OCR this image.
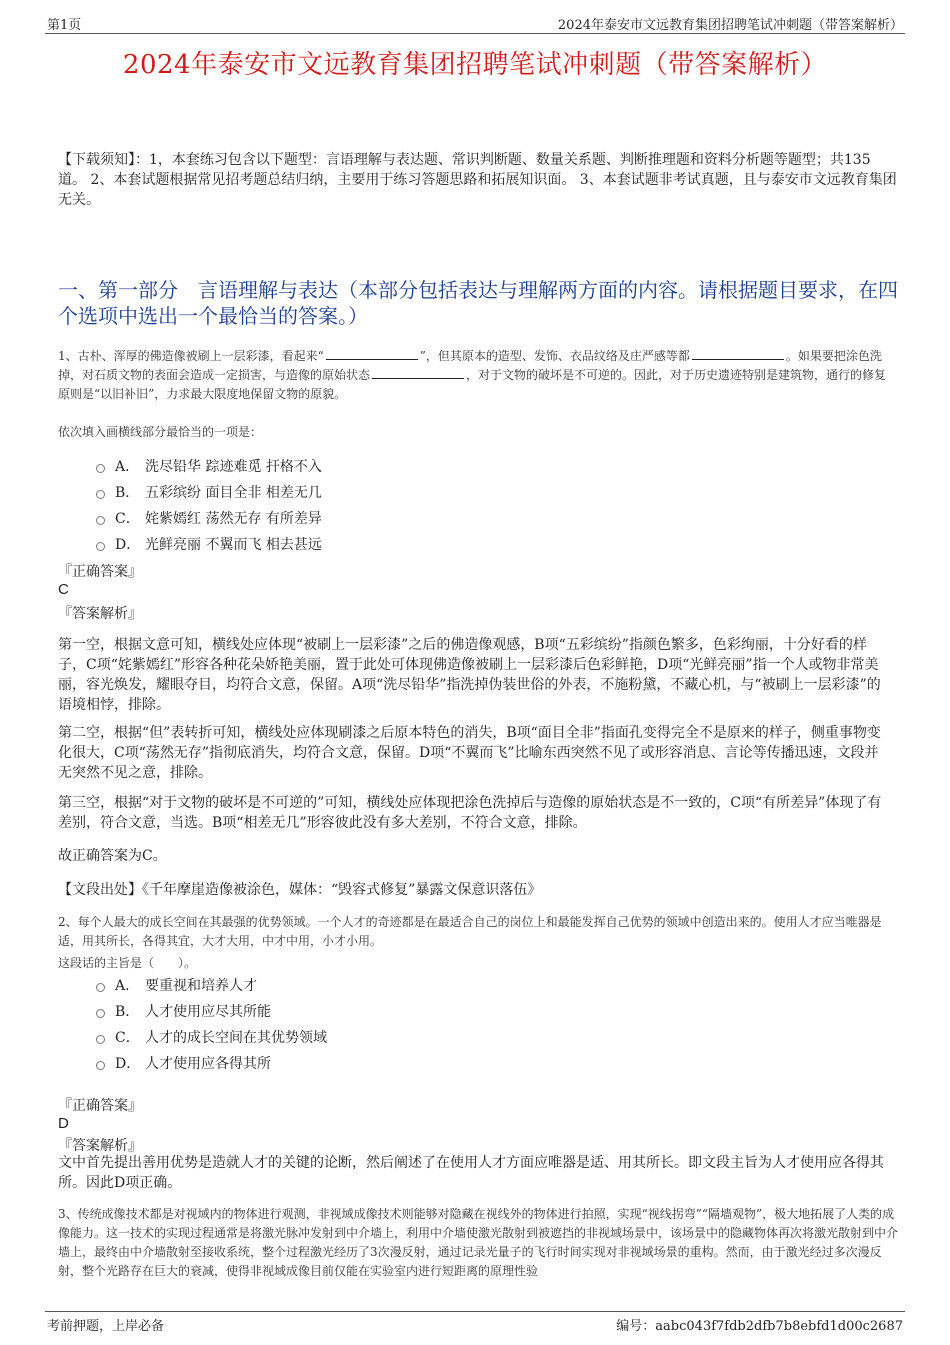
第1页	2024年泰安市文远教育集团招聘笔试冲刺题（带答案解析）
2024年泰安市文远教育集团招聘笔试冲刺题（带答案解析）
【下载须知】：1，本套练习包含以下题型：言语理解与表达题、常识判断题、数量关系题、判断推理题和资料分析题等题型；共135道。 2、本套试题根据常见招考题总结归纳，主要用于练习答题思路和拓展知识面。 3、本套试题非考试真题，且与泰安市文远教育集团无关。
一、第一部分　言语理解与表达（本部分包括表达与理解两方面的内容。请根据题目要求，在四个选项中选出一个最恰当的答案。）
1、古朴、浑厚的佛造像被刷上一层彩漆，看起来“	”，但其原本的造型、发饰、衣品纹络及庄严感等都	。如果要把涂色洗掉，对石质文物的表面会造成一定损害，与造像的原始状态	，对于文物的破坏是不可逆的。因此，对于历史遗迹特别是建筑物，通行的修复原则是“以旧补旧”，力求最大限度地保留文物的原貌。
依次填入画横线部分最恰当的一项是：
A． 洗尽铅华 踪迹难觅 扞格不入
B． 五彩缤纷 面目全非 相差无几
C． 姹紫嫣红 荡然无存 有所差异
D． 光鲜亮丽 不翼而飞 相去甚远
『正确答案』
C
『答案解析』
第一空，根据文意可知，横线处应体现“被刷上一层彩漆”之后的佛造像观感，B项“五彩缤纷”指颜色繁多，色彩绚丽，十分好看的样子，C项“姹紫嫣红”形容各种花朵娇艳美丽，置于此处可体现佛造像被刷上一层彩漆后色彩鲜艳，D项“光鲜亮丽”指一个人或物非常美丽，容光焕发，耀眼夺目，均符合文意，保留。A项“洗尽铅华”指洗掉伪装世俗的外表，不施粉黛，不藏心机，与“被刷上一层彩漆”的语境相悖，排除。
第二空，根据“但”表转折可知，横线处应体现刷漆之后原本特色的消失，B项“面目全非”指面孔变得完全不是原来的样子，侧重事物变化很大，C项“荡然无存”指彻底消失，均符合文意，保留。D项“不翼而飞”比喻东西突然不见了或形容消息、言论等传播迅速，文段并无突然不见之意，排除。
第三空，根据“对于文物的破坏是不可逆的”可知，横线处应体现把涂色洗掉后与造像的原始状态是不一致的，C项“有所差异”体现了有差别，符合文意，当选。B项“相差无几”形容彼此没有多大差别，不符合文意，排除。
故正确答案为C。
【文段出处】《千年摩崖造像被涂色，媒体：“毁容式修复”暴露文保意识落伍》
2、每个人最大的成长空间在其最强的优势领域。一个人才的奇迹都是在最适合自己的岗位上和最能发挥自己优势的领域中创造出来的。使用人才应当唯器是适，用其所长，各得其宜，大才大用，中才中用，小才小用。
这段话的主旨是（　　）。
A． 要重视和培养人才
B． 人才使用应尽其所能
C． 人才的成长空间在其优势领域
D． 人才使用应各得其所
『正确答案』
D
『答案解析』
文中首先提出善用优势是造就人才的关键的论断，然后阐述了在使用人才方面应唯器是适、用其所长。即文段主旨为人才使用应各得其所。因此D项正确。
3、传统成像技术都是对视域内的物体进行观测，非视域成像技术则能够对隐藏在视线外的物体进行拍照，实现“视线拐弯”“隔墙观物”，极大地拓展了人类的成像能力。这一技术的实现过程通常是将激光脉冲发射到中介墙上，利用中介墙使激光散射到被遮挡的非视域场景中，该场景中的隐藏物体再次将激光散射到中介墙上，最终由中介墙散射至接收系统，整个过程激光经历了3次漫反射，通过记录光量子的飞行时间实现对非视域场景的重构。然而，由于激光经过多次漫反射，整个光路存在巨大的衰减，使得非视域成像目前仅能在实验室内进行短距离的原理性验
考前押题，上岸必备	编号：aabc043f7fdb2dfb7b8ebfd1d00c2687
